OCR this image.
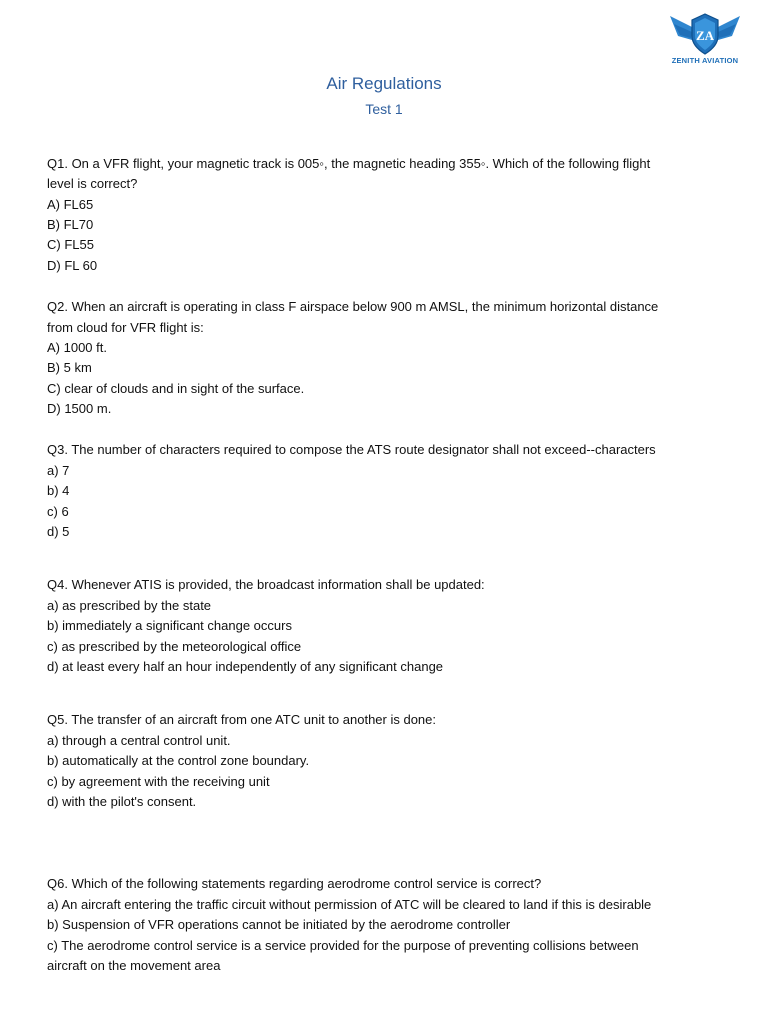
ZA
ZENITH AVIATION
Air Regulations
Test 1
Q1. On a VFR flight, your magnetic track is 005◦, the magnetic heading 355◦. Which of the following flight
level is correct?
A) FL65
B) FL70
C) FL55
D) FL 60
Q2. When an aircraft is operating in class F airspace below 900 m AMSL, the minimum horizontal distance
from cloud for VFR flight is:
A) 1000 ft.
B) 5 km
C) clear of clouds and in sight of the surface.
D) 1500 m.
Q3. The number of characters required to compose the ATS route designator shall not exceed--characters
a) 7
b) 4
c) 6
d) 5
Q4. Whenever ATIS is provided, the broadcast information shall be updated:
a) as prescribed by the state
b) immediately a significant change occurs
c) as prescribed by the meteorological office
d) at least every half an hour independently of any significant change
Q5. The transfer of an aircraft from one ATC unit to another is done:
a) through a central control unit.
b) automatically at the control zone boundary.
c) by agreement with the receiving unit
d) with the pilot's consent.
Q6. Which of the following statements regarding aerodrome control service is correct?
a) An aircraft entering the traffic circuit without permission of ATC will be cleared to land if this is desirable
b) Suspension of VFR operations cannot be initiated by the aerodrome controller
c) The aerodrome control service is a service provided for the purpose of preventing collisions between
aircraft on the movement area
